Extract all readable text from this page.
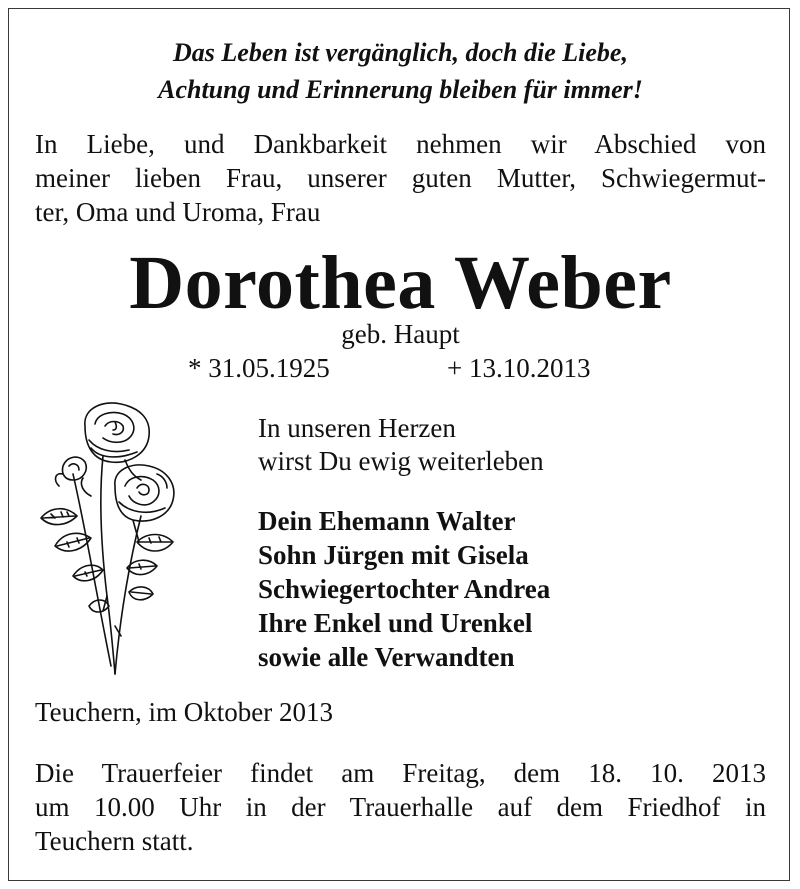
Das Leben ist vergänglich, doch die Liebe,
Achtung und Erinnerung bleiben für immer!
In Liebe, und Dankbarkeit nehmen wir Abschied von
meiner lieben Frau, unserer guten Mutter, Schwiegermut-
ter, Oma und Uroma, Frau
Dorothea Weber
geb. Haupt
* 31.05.1925	+ 13.10.2013
In unseren Herzen
wirst Du ewig weiterleben
Dein Ehemann Walter
Sohn Jürgen mit Gisela
Schwiegertochter Andrea
Ihre Enkel und Urenkel
sowie alle Verwandten
Teuchern, im Oktober 2013
Die Trauerfeier findet am Freitag, dem 18. 10. 2013
um 10.00 Uhr in der Trauerhalle auf dem Friedhof in
Teuchern statt.
